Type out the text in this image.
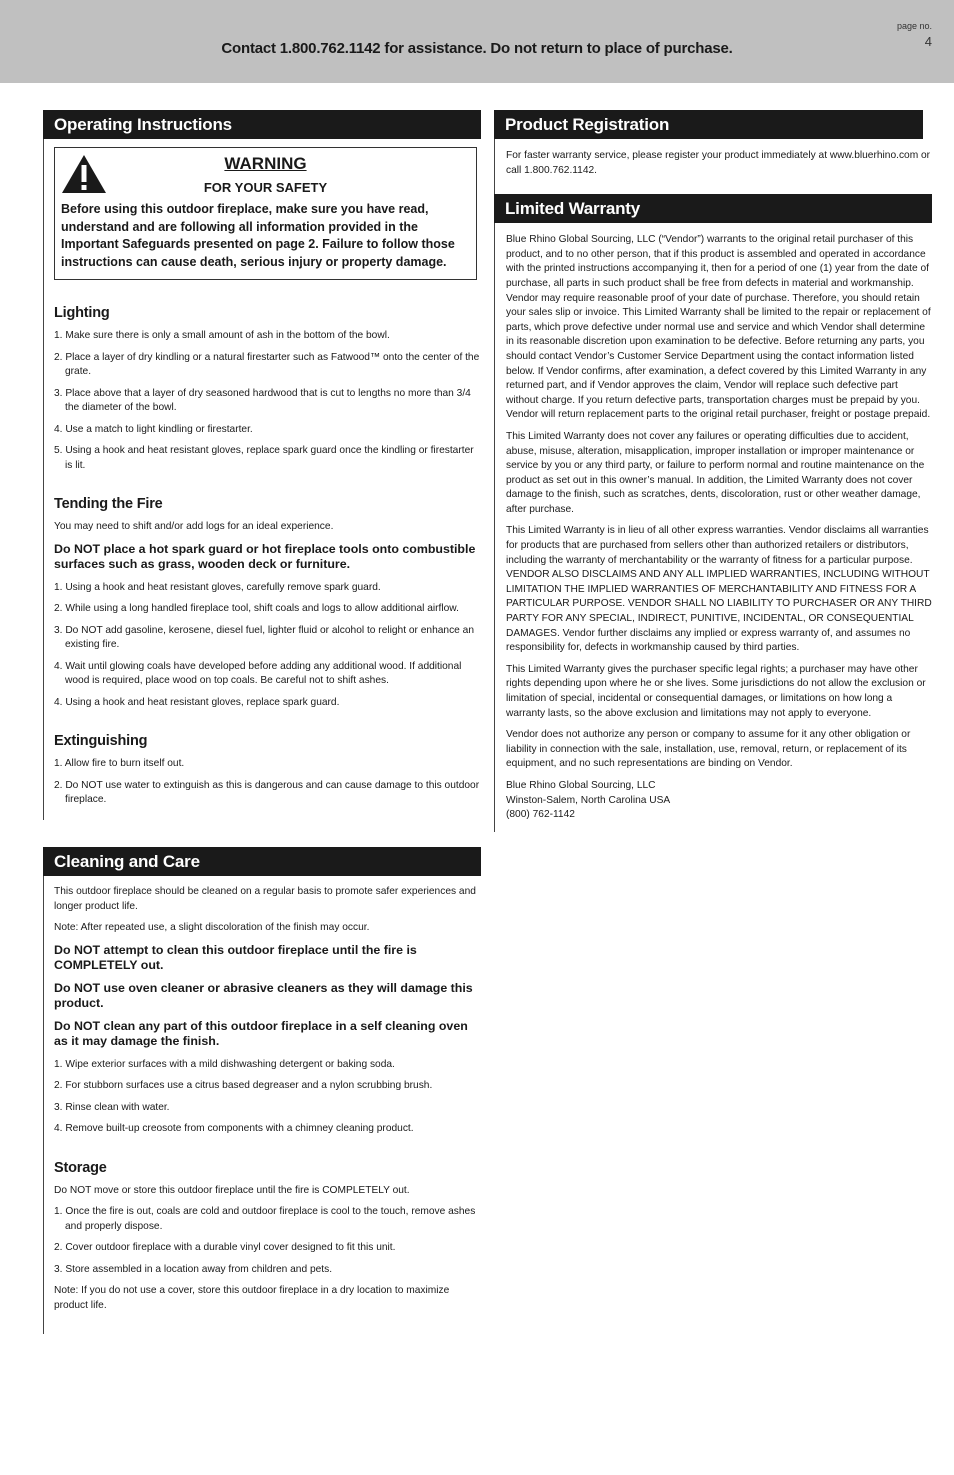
Contact 1.800.762.1142 for assistance. Do not return to place of purchase.
page no.
4
Operating Instructions
WARNING
FOR YOUR SAFETY
Before using this outdoor fireplace, make sure you have read, understand and are following all information provided in the Important Safeguards presented on page 2. Failure to follow those instructions can cause death, serious injury or property damage.
Lighting
1. Make sure there is only a small amount of ash in the bottom of the bowl.
2. Place a layer of dry kindling or a natural firestarter such as Fatwood™ onto the center of the grate.
3. Place above that a layer of dry seasoned hardwood that is cut to lengths no more than 3/4 the diameter of the bowl.
4. Use a match to light kindling or firestarter.
5. Using a hook and heat resistant gloves, replace spark guard once the kindling or firestarter is lit.
Tending the Fire

You may need to shift and/or add logs for an ideal experience.

Do NOT place a hot spark guard or hot fireplace tools onto combustible surfaces such as grass, wooden deck or furniture.

1. Using a hook and heat resistant gloves, carefully remove spark guard.
2. While using a long handled fireplace tool, shift coals and logs to allow additional airflow.
3. Do NOT add gasoline, kerosene, diesel fuel, lighter fluid or alcohol to relight or enhance an existing fire.
4. Wait until glowing coals have developed before adding any additional wood. If additional wood is required, place wood on top coals. Be careful not to shift ashes.
4. Using a hook and heat resistant gloves, replace spark guard.
Extinguishing
1. Allow fire to burn itself out.
2. Do NOT use water to extinguish as this is dangerous and can cause damage to this outdoor fireplace.
Cleaning and Care

This outdoor fireplace should be cleaned on a regular basis to promote safer experiences and longer product life.

Note: After repeated use, a slight discoloration of the finish may occur.

Do NOT attempt to clean this outdoor fireplace until the fire is COMPLETELY out.

Do NOT use oven cleaner or abrasive cleaners as they will damage this product.

Do NOT clean any part of this outdoor fireplace in a self cleaning oven as it may damage the finish.

1. Wipe exterior surfaces with a mild dishwashing detergent or baking soda.
2. For stubborn surfaces use a citrus based degreaser and a nylon scrubbing brush.
3. Rinse clean with water.
4. Remove built-up creosote from components with a chimney cleaning product.
Storage

Do NOT move or store this outdoor fireplace until the fire is COMPLETELY out.

1. Once the fire is out, coals are cold and outdoor fireplace is cool to the touch, remove ashes and properly dispose.
2. Cover outdoor fireplace with a durable vinyl cover designed to fit this unit.
3. Store assembled in a location away from children and pets.

Note: If you do not use a cover, store this outdoor fireplace in a dry location to maximize product life.

Product Registration

For faster warranty service, please register your product immediately at www.bluerhino.com or call 1.800.762.1142.

Limited Warranty

Blue Rhino Global Sourcing, LLC (“Vendor”) warrants to the original retail purchaser of this product, and to no other person, that if this product is assembled and operated in accordance with the printed instructions accompanying it, then for a period of one (1) year from the date of purchase, all parts in such product shall be free from defects in material and workmanship. Vendor may require reasonable proof of your date of purchase. Therefore, you should retain your sales slip or invoice. This Limited Warranty shall be limited to the repair or replacement of parts, which prove defective under normal use and service and which Vendor shall determine in its reasonable discretion upon examination to be defective. Before returning any parts, you should contact Vendor’s Customer Service Department using the contact information listed below. If Vendor confirms, after examination, a defect covered by this Limited Warranty in any returned part, and if Vendor approves the claim, Vendor will replace such defective part without charge. If you return defective parts, transportation charges must be prepaid by you. Vendor will return replacement parts to the original retail purchaser, freight or postage prepaid.

This Limited Warranty does not cover any failures or operating difficulties due to accident, abuse, misuse, alteration, misapplication, improper installation or improper maintenance or service by you or any third party, or failure to perform normal and routine maintenance on the product as set out in this owner’s manual. In addition, the Limited Warranty does not cover damage to the finish, such as scratches, dents, discoloration, rust or other weather damage, after purchase.

This Limited Warranty is in lieu of all other express warranties. Vendor disclaims all warranties for products that are purchased from sellers other than authorized retailers or distributors, including the warranty of merchantability or the warranty of fitness for a particular purpose. VENDOR ALSO DISCLAIMS AND ANY ALL IMPLIED WARRANTIES, INCLUDING WITHOUT LIMITATION THE IMPLIED WARRANTIES OF MERCHANTABILITY AND FITNESS FOR A PARTICULAR PURPOSE. VENDOR SHALL NO LIABILITY TO PURCHASER OR ANY THIRD PARTY FOR ANY SPECIAL, INDIRECT, PUNITIVE, INCIDENTAL, OR CONSEQUENTIAL DAMAGES. Vendor further disclaims any implied or express warranty of, and assumes no responsibility for, defects in workmanship caused by third parties.

This Limited Warranty gives the purchaser specific legal rights; a purchaser may have other rights depending upon where he or she lives. Some jurisdictions do not allow the exclusion or limitation of special, incidental or consequential damages, or limitations on how long a warranty lasts, so the above exclusion and limitations may not apply to everyone.

Vendor does not authorize any person or company to assume for it any other obligation or liability in connection with the sale, installation, use, removal, return, or replacement of its equipment, and no such representations are binding on Vendor.

Blue Rhino Global Sourcing, LLC

Winston-Salem, North Carolina USA

(800) 762-1142
